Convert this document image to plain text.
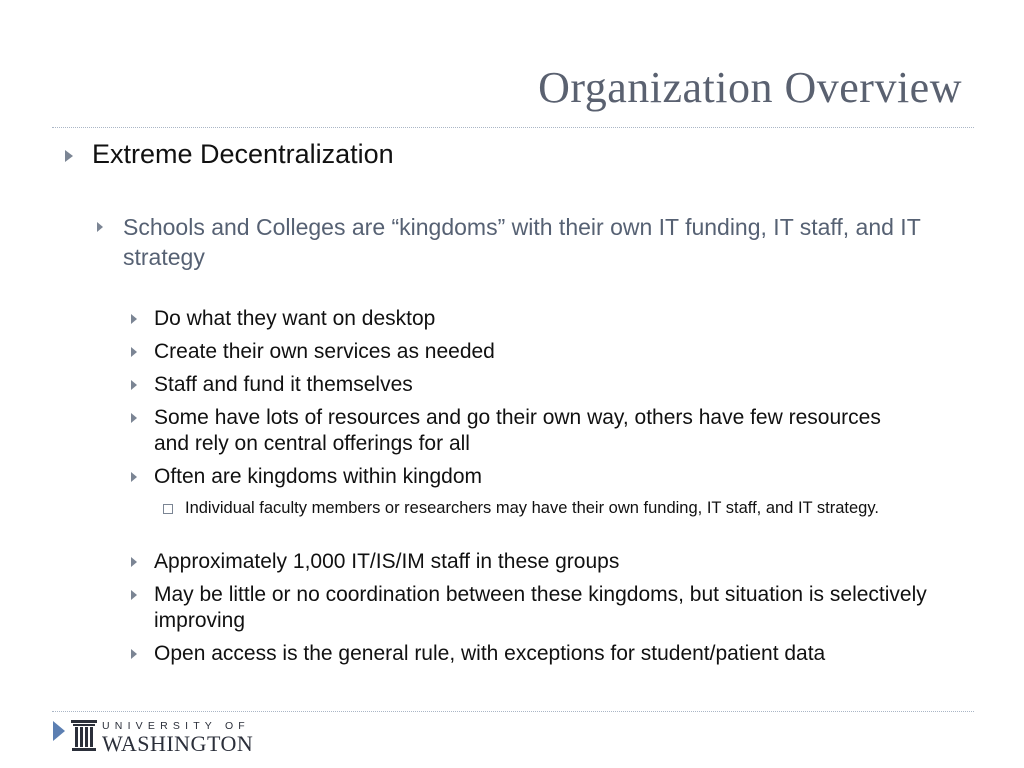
Organization Overview
Extreme Decentralization
Schools and Colleges are “kingdoms” with their own IT funding, IT staff, and IT strategy
Do what they want on desktop
Create their own services as needed
Staff and fund it themselves
Some have lots of resources and go their own way, others have few resources and rely on central offerings for all
Often are kingdoms within kingdom
Individual faculty members or researchers may have their own funding, IT staff, and IT strategy.
Approximately 1,000 IT/IS/IM staff in these groups
May be little or no coordination between these kingdoms, but situation is selectively improving
Open access is the general rule, with exceptions for student/patient data
UNIVERSITY OF
WASHINGTON
